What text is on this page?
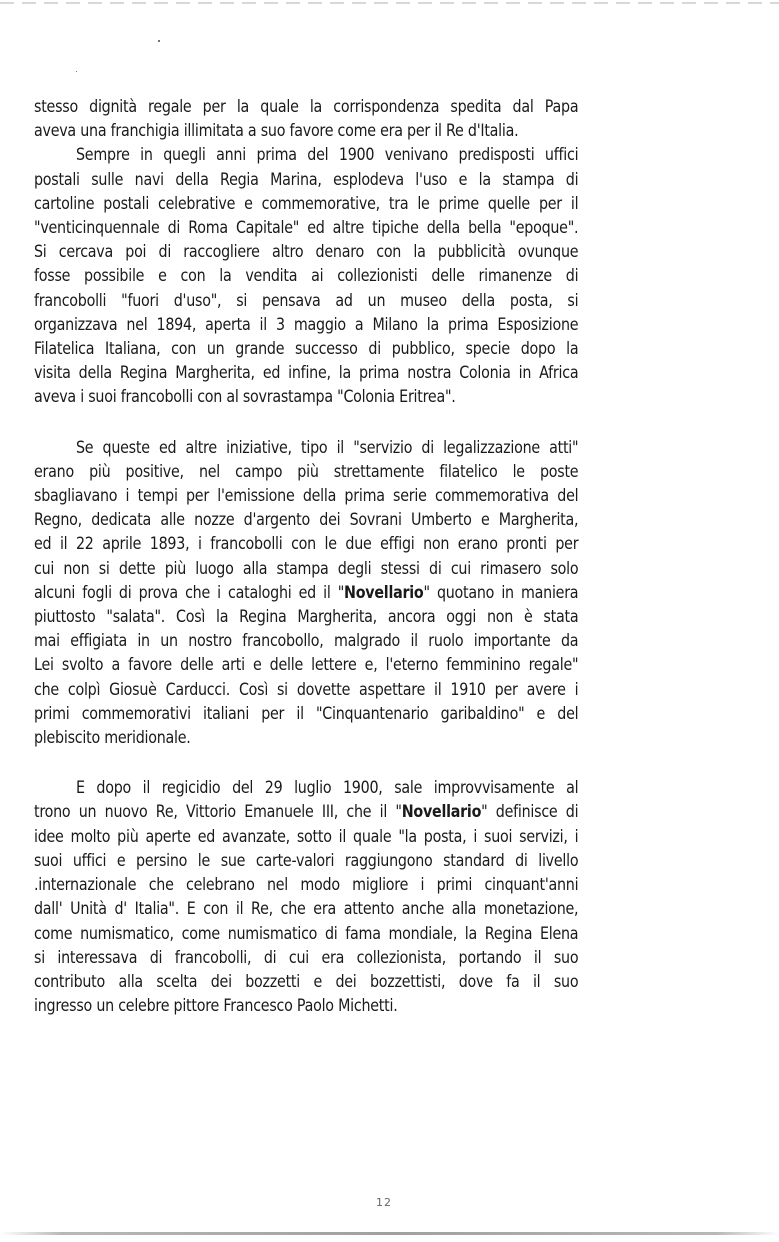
stesso dignità regale per la quale la corrispondenza spedita dal Papa
aveva una franchigia illimitata a suo favore come era per il Re d'Italia.

Sempre in quegli anni prima del 1900 venivano predisposti uffici
postali sulle navi della Regia Marina, esplodeva l'uso e la stampa di
cartoline postali celebrative e commemorative, tra le prime quelle per il
"venticinquennale di Roma Capitale" ed altre tipiche della bella "epoque".
Si cercava poi di raccogliere altro denaro con la pubblicità ovunque
fosse possibile e con la vendita ai collezionisti delle rimanenze di
francobolli "fuori d'uso", si pensava ad un museo della posta, si
organizzava nel 1894, aperta il 3 maggio a Milano la prima Esposizione
Filatelica Italiana, con un grande successo di pubblico, specie dopo la
visita della Regina Margherita, ed infine, la prima nostra Colonia in Africa
aveva i suoi francobolli con al sovrastampa "Colonia Eritrea".

Se queste ed altre iniziative, tipo il "servizio di legalizzazione atti"
erano più positive, nel campo più strettamente filatelico le poste
sbagliavano i tempi per l'emissione della prima serie commemorativa del
Regno, dedicata alle nozze d'argento dei Sovrani Umberto e Margherita,
ed il 22 aprile 1893, i francobolli con le due effigi non erano pronti per
cui non si dette più luogo alla stampa degli stessi di cui rimasero solo
alcuni fogli di prova che i cataloghi ed il "Novellario" quotano in maniera
piuttosto "salata". Così la Regina Margherita, ancora oggi non è stata
mai effigiata in un nostro francobollo, malgrado il ruolo importante da
Lei svolto a favore delle arti e delle lettere e, l'eterno femminino regale"
che colpì Giosuè Carducci. Così si dovette aspettare il 1910 per avere i
primi commemorativi italiani per il "Cinquantenario garibaldino" e del
plebiscito meridionale.

E dopo il regicidio del 29 luglio 1900, sale improvvisamente al
trono un nuovo Re, Vittorio Emanuele III, che il "Novellario" definisce di
idee molto più aperte ed avanzate, sotto il quale "la posta, i suoi servizi, i
suoi uffici e persino le sue carte-valori raggiungono standard di livello
.internazionale che celebrano nel modo migliore i primi cinquant'anni
dall' Unità d' Italia". E con il Re, che era attento anche alla monetazione,
come numismatico, come numismatico di fama mondiale, la Regina Elena
si interessava di francobolli, di cui era collezionista, portando il suo
contributo alla scelta dei bozzetti e dei bozzettisti, dove fa il suo
ingresso un celebre pittore Francesco Paolo Michetti.

12
